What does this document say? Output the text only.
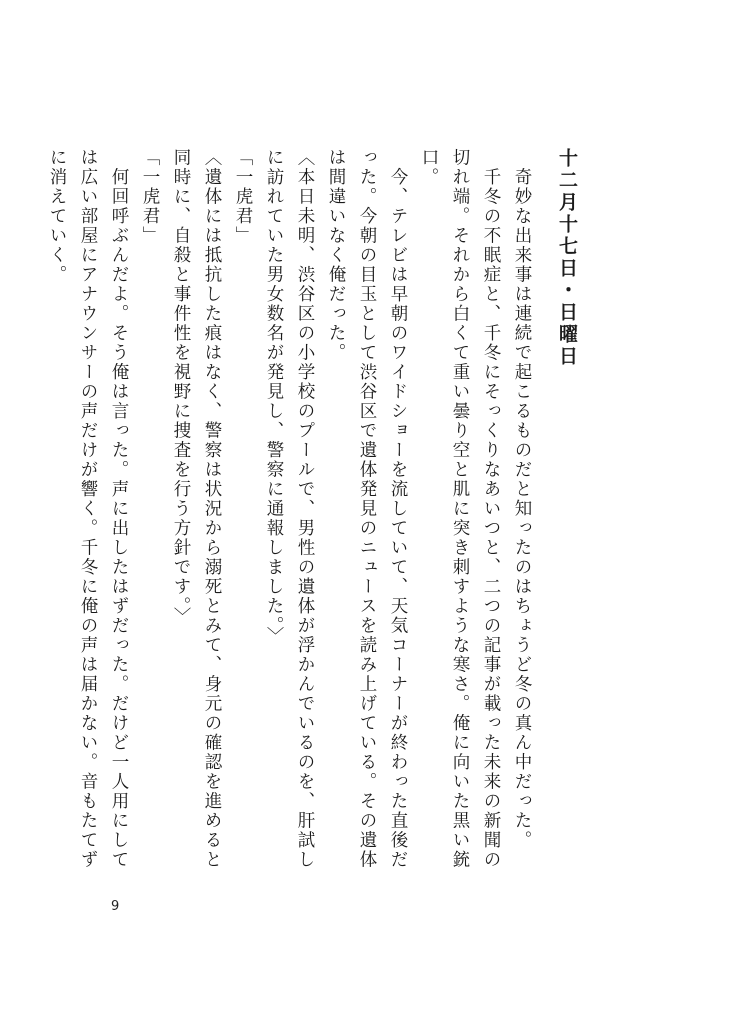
十二月十七日・日曜日

　奇妙な出来事は連続で起こるものだと知ったのはちょうど冬の真ん中だった。

　千冬の不眠症と、千冬にそっくりなあいつと、二つの記事が載った未来の新聞の切れ端。それから白くて重い曇り空と肌に突き刺すような寒さ。俺に向いた黒い銃口。

　今、テレビは早朝のワイドショーを流していて、天気コーナーが終わった直後だった。今朝の目玉として渋谷区で遺体発見のニュースを読み上げている。その遺体は間違いなく俺だった。

〈本日未明、渋谷区の小学校のプールで、男性の遺体が浮かんでいるのを、肝試しに訪れていた男女数名が発見し、警察に通報しました。〉

「一虎君」

〈遺体には抵抗した痕はなく、警察は状況から溺死とみて、身元の確認を進めると同時に、自殺と事件性を視野に捜査を行う方針です。〉

「一虎君」

　何回呼ぶんだよ。そう俺は言った。声に出したはずだった。だけど一人用にしては広い部屋にアナウンサーの声だけが響く。千冬に俺の声は届かない。音もたてずに消えていく。

9
